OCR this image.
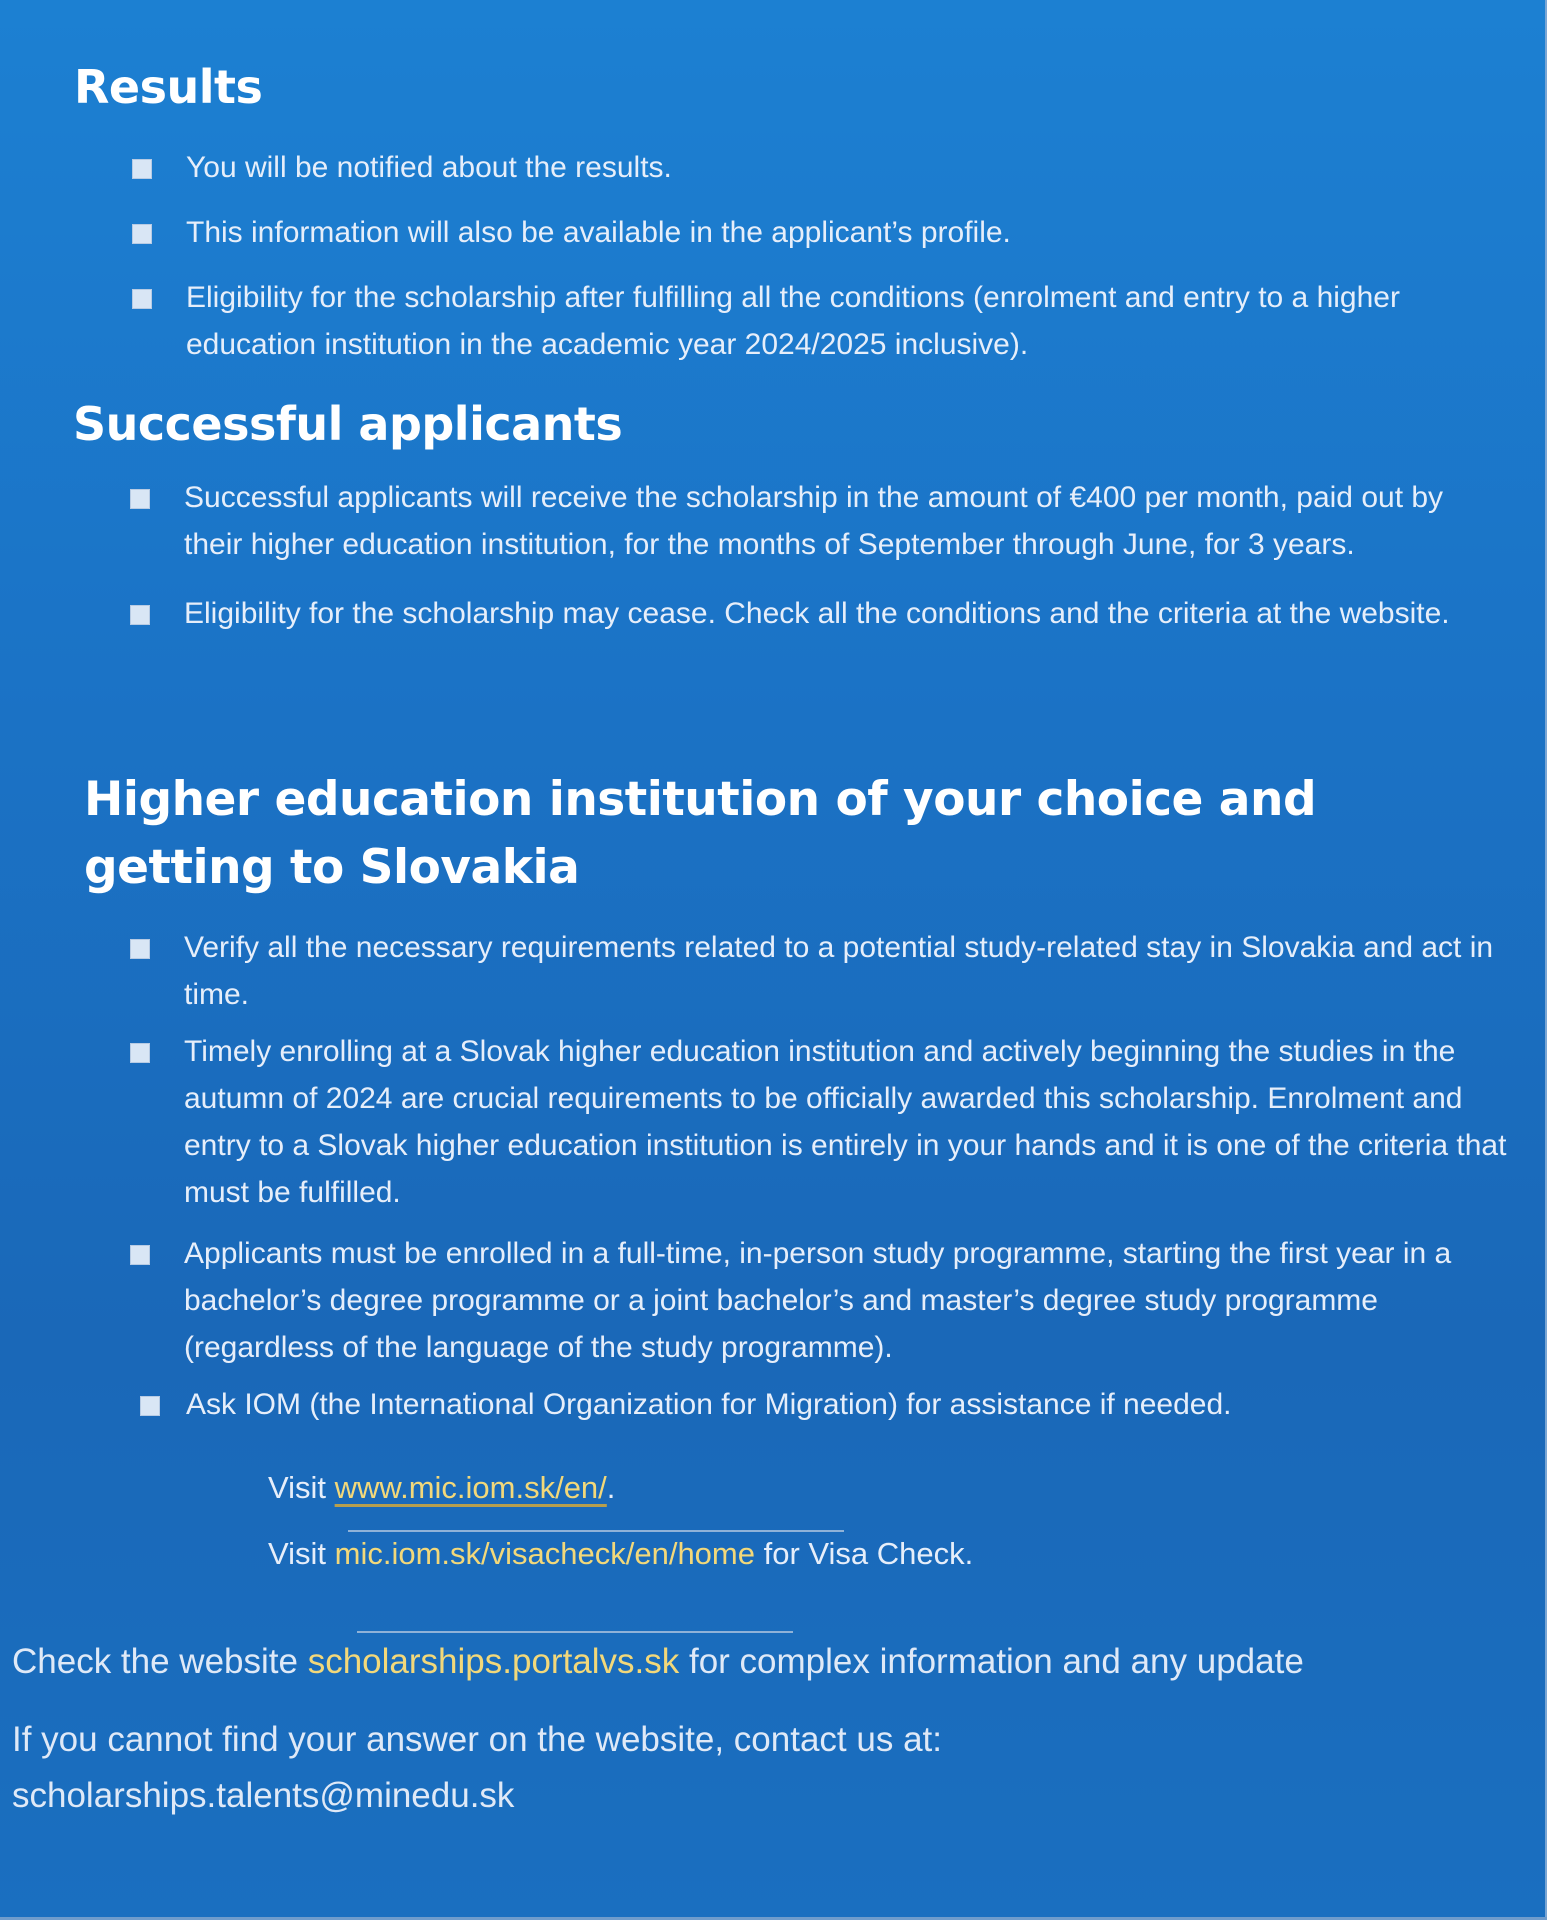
Results
You will be notified about the results.
This information will also be available in the applicant’s profile.
Eligibility for the scholarship after fulfilling all the conditions (enrolment and entry to a higher education institution in the academic year 2024/2025 inclusive).
Successful applicants
Successful applicants will receive the scholarship in the amount of €400 per month, paid out by their higher education institution, for the months of September through June, for 3 years.
Eligibility for the scholarship may cease. Check all the conditions and the criteria at the website.
Higher education institution of your choice and getting to Slovakia
Verify all the necessary requirements related to a potential study-related stay in Slovakia and act in time.
Timely enrolling at a Slovak higher education institution and actively beginning the studies in the autumn of 2024 are crucial requirements to be officially awarded this scholarship. Enrolment and entry to a Slovak higher education institution is entirely in your hands and it is one of the criteria that must be fulfilled.
Applicants must be enrolled in a full-time, in-person study programme, starting the first year in a bachelor’s degree programme or a joint bachelor’s and master’s degree study programme (regardless of the language of the study programme).
Ask IOM (the International Organization for Migration) for assistance if needed.
Visit www.mic.iom.sk/en/.
Visit mic.iom.sk/visacheck/en/home for Visa Check.
Check the website scholarships.portalvs.sk for complex information and any update
If you cannot find your answer on the website, contact us at:
scholarships.talents@minedu.sk
